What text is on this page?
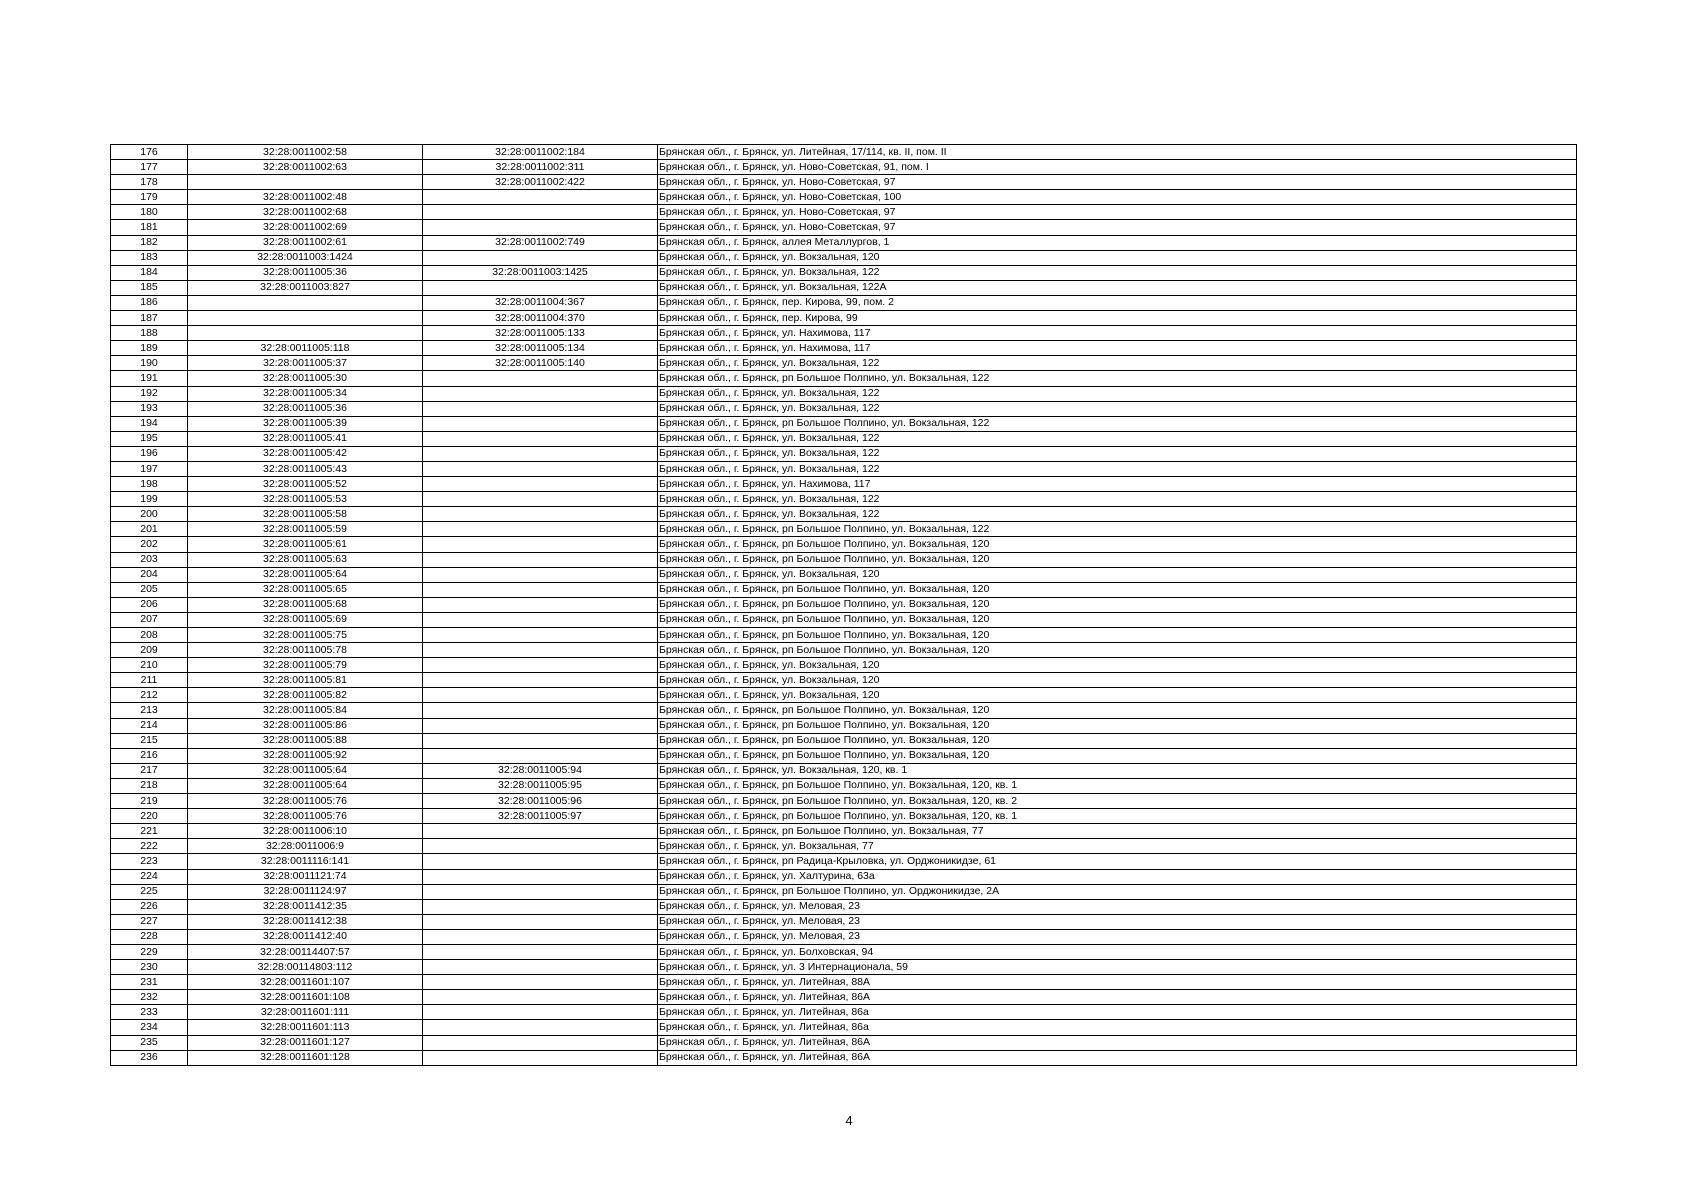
176	32:28:0011002:58	32:28:0011002:184	Брянская обл., г. Брянск, ул. Литейная, 17/114, кв. II, пом. II
177	32:28:0011002:63	32:28:0011002:311	Брянская обл., г. Брянск, ул. Ново-Советская, 91, пом. I
178		32:28:0011002:422	Брянская обл., г. Брянск, ул. Ново-Советская, 97
179	32:28:0011002:48		Брянская обл., г. Брянск, ул. Ново-Советская, 100
180	32:28:0011002:68		Брянская обл., г. Брянск, ул. Ново-Советская, 97
181	32:28:0011002:69		Брянская обл., г. Брянск, ул. Ново-Советская, 97
182	32:28:0011002:61	32:28:0011002:749	Брянская обл., г. Брянск, аллея Металлургов, 1
183	32:28:0011003:1424		Брянская обл., г. Брянск, ул. Вокзальная, 120
184	32:28:0011005:36	32:28:0011003:1425	Брянская обл., г. Брянск, ул. Вокзальная, 122
185	32:28:0011003:827		Брянская обл., г. Брянск, ул. Вокзальная, 122А
186		32:28:0011004:367	Брянская обл., г. Брянск, пер. Кирова, 99, пом. 2
187		32:28:0011004:370	Брянская обл., г. Брянск, пер. Кирова, 99
188		32:28:0011005:133	Брянская обл., г. Брянск, ул. Нахимова, 117
189	32:28:0011005:118	32:28:0011005:134	Брянская обл., г. Брянск, ул. Нахимова, 117
190	32:28:0011005:37	32:28:0011005:140	Брянская обл., г. Брянск, ул. Вокзальная, 122
191	32:28:0011005:30		Брянская обл., г. Брянск, рп Большое Полпино, ул. Вокзальная, 122
192	32:28:0011005:34		Брянская обл., г. Брянск, ул. Вокзальная, 122
193	32:28:0011005:36		Брянская обл., г. Брянск, ул. Вокзальная, 122
194	32:28:0011005:39		Брянская обл., г. Брянск, рп Большое Полпино, ул. Вокзальная, 122
195	32:28:0011005:41		Брянская обл., г. Брянск, ул. Вокзальная, 122
196	32:28:0011005:42		Брянская обл., г. Брянск, ул. Вокзальная, 122
197	32:28:0011005:43		Брянская обл., г. Брянск, ул. Вокзальная, 122
198	32:28:0011005:52		Брянская обл., г. Брянск, ул. Нахимова, 117
199	32:28:0011005:53		Брянская обл., г. Брянск, ул. Вокзальная, 122
200	32:28:0011005:58		Брянская обл., г. Брянск, ул. Вокзальная, 122
201	32:28:0011005:59		Брянская обл., г. Брянск, рп Большое Полпино, ул. Вокзальная, 122
202	32:28:0011005:61		Брянская обл., г. Брянск, рп Большое Полпино, ул. Вокзальная, 120
203	32:28:0011005:63		Брянская обл., г. Брянск, рп Большое Полпино, ул. Вокзальная, 120
204	32:28:0011005:64		Брянская обл., г. Брянск, ул. Вокзальная, 120
205	32:28:0011005:65		Брянская обл., г. Брянск, рп Большое Полпино, ул. Вокзальная, 120
206	32:28:0011005:68		Брянская обл., г. Брянск, рп Большое Полпино, ул. Вокзальная, 120
207	32:28:0011005:69		Брянская обл., г. Брянск, рп Большое Полпино, ул. Вокзальная, 120
208	32:28:0011005:75		Брянская обл., г. Брянск, рп Большое Полпино, ул. Вокзальная, 120
209	32:28:0011005:78		Брянская обл., г. Брянск, рп Большое Полпино, ул. Вокзальная, 120
210	32:28:0011005:79		Брянская обл., г. Брянск, ул. Вокзальная, 120
211	32:28:0011005:81		Брянская обл., г. Брянск, ул. Вокзальная, 120
212	32:28:0011005:82		Брянская обл., г. Брянск, ул. Вокзальная, 120
213	32:28:0011005:84		Брянская обл., г. Брянск, рп Большое Полпино, ул. Вокзальная, 120
214	32:28:0011005:86		Брянская обл., г. Брянск, рп Большое Полпино, ул. Вокзальная, 120
215	32:28:0011005:88		Брянская обл., г. Брянск, рп Большое Полпино, ул. Вокзальная, 120
216	32:28:0011005:92		Брянская обл., г. Брянск, рп Большое Полпино, ул. Вокзальная, 120
217	32:28:0011005:64	32:28:0011005:94	Брянская обл., г. Брянск, ул. Вокзальная, 120, кв. 1
218	32:28:0011005:64	32:28:0011005:95	Брянская обл., г. Брянск, рп Большое Полпино, ул. Вокзальная, 120, кв. 1
219	32:28:0011005:76	32:28:0011005:96	Брянская обл., г. Брянск, рп Большое Полпино, ул. Вокзальная, 120, кв. 2
220	32:28:0011005:76	32:28:0011005:97	Брянская обл., г. Брянск, рп Большое Полпино, ул. Вокзальная, 120, кв. 1
221	32:28:0011006:10		Брянская обл., г. Брянск, рп Большое Полпино, ул. Вокзальная, 77
222	32:28:0011006:9		Брянская обл., г. Брянск, ул. Вокзальная, 77
223	32:28:0011116:141		Брянская обл., г. Брянск, рп Радица-Крыловка, ул. Орджоникидзе, 61
224	32:28:0011121:74		Брянская обл., г. Брянск, ул. Халтурина, 63а
225	32:28:0011124:97		Брянская обл., г. Брянск, рп Большое Полпино, ул. Орджоникидзе, 2А
226	32:28:0011412:35		Брянская обл., г. Брянск, ул. Меловая, 23
227	32:28:0011412:38		Брянская обл., г. Брянск, ул. Меловая, 23
228	32:28:0011412:40		Брянская обл., г. Брянск, ул. Меловая, 23
229	32:28:00114407:57		Брянская обл., г. Брянск, ул. Болховская, 94
230	32:28:00114803:112		Брянская обл., г. Брянск, ул. 3 Интернационала, 59
231	32:28:0011601:107		Брянская обл., г. Брянск, ул. Литейная, 88А
232	32:28:0011601:108		Брянская обл., г. Брянск, ул. Литейная, 86А
233	32:28:0011601:111		Брянская обл., г. Брянск, ул. Литейная, 86а
234	32:28:0011601:113		Брянская обл., г. Брянск, ул. Литейная, 86а
235	32:28:0011601:127		Брянская обл., г. Брянск, ул. Литейная, 86А
236	32:28:0011601:128		Брянская обл., г. Брянск, ул. Литейная, 86А
4
